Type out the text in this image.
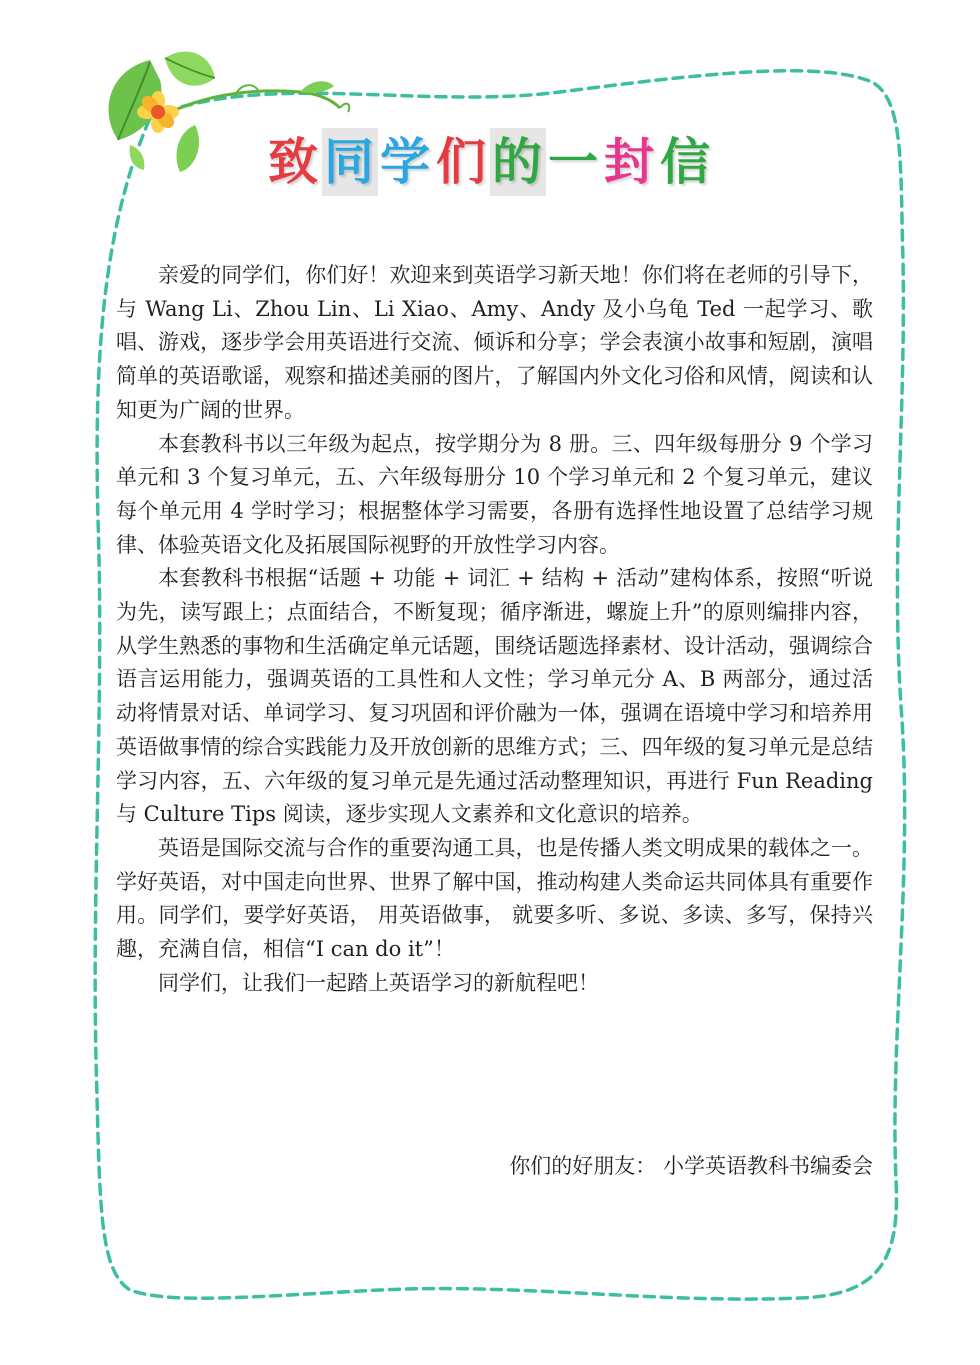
致同学们的一封信

亲爱的同学们，你们好！欢迎来到英语学习新天地！你们将在老师的引导下，与 Wang Li、Zhou Lin、Li Xiao、Amy、Andy 及小乌龟 Ted 一起学习、歌唱、游戏，逐步学会用英语进行交流、倾诉和分享；学会表演小故事和短剧，演唱简单的英语歌谣，观察和描述美丽的图片，了解国内外文化习俗和风情，阅读和认知更为广阔的世界。

本套教科书以三年级为起点，按学期分为 8 册。三、四年级每册分 9 个学习单元和 3 个复习单元，五、六年级每册分 10 个学习单元和 2 个复习单元，建议每个单元用 4 学时学习；根据整体学习需要，各册有选择性地设置了总结学习规律、体验英语文化及拓展国际视野的开放性学习内容。

本套教科书根据“话题 + 功能 + 词汇 + 结构 + 活动”建构体系，按照“听说为先，读写跟上；点面结合，不断复现；循序渐进，螺旋上升”的原则编排内容，从学生熟悉的事物和生活确定单元话题，围绕话题选择素材、设计活动，强调综合语言运用能力，强调英语的工具性和人文性；学习单元分 A、B 两部分，通过活动将情景对话、单词学习、复习巩固和评价融为一体，强调在语境中学习和培养用英语做事情的综合实践能力及开放创新的思维方式；三、四年级的复习单元是总结学习内容，五、六年级的复习单元是先通过活动整理知识，再进行 Fun Reading 与 Culture Tips 阅读，逐步实现人文素养和文化意识的培养。

英语是国际交流与合作的重要沟通工具，也是传播人类文明成果的载体之一。学好英语，对中国走向世界、世界了解中国，推动构建人类命运共同体具有重要作用。同学们，要学好英语， 用英语做事， 就要多听、多说、多读、多写，保持兴趣，充满自信，相信“I can do it”！

同学们，让我们一起踏上英语学习的新航程吧！

你们的好朋友： 小学英语教科书编委会
